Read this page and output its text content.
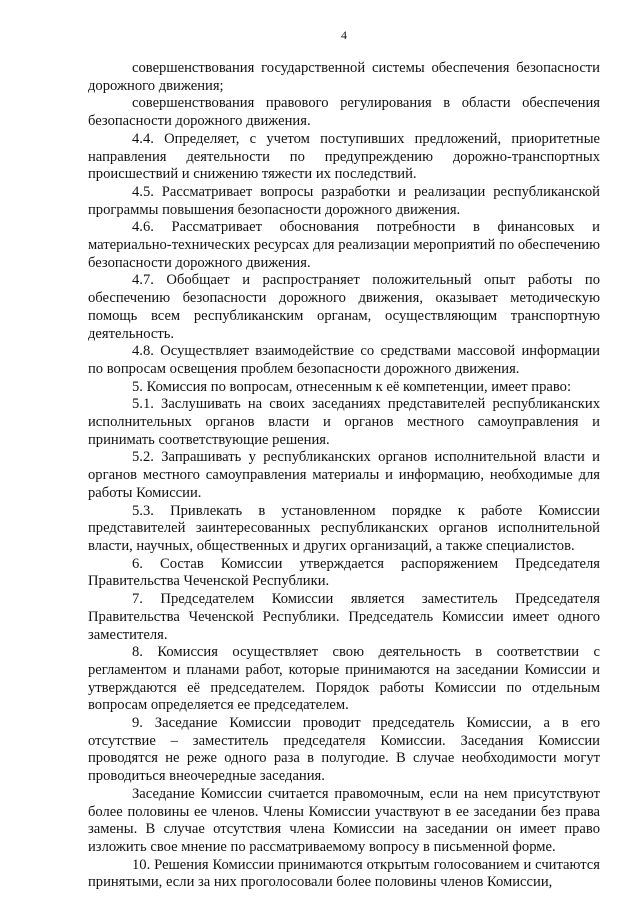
4

совершенствования государственной системы обеспечения безопасности дорожного движения;

совершенствования правового регулирования в области обеспечения безопасности дорожного движения.

4.4. Определяет, с учетом поступивших предложений, приоритетные направления деятельности по предупреждению дорожно-транспортных происшествий и снижению тяжести их последствий.

4.5. Рассматривает вопросы разработки и реализации республиканской программы повышения безопасности дорожного движения.

4.6. Рассматривает обоснования потребности в финансовых и материально-технических ресурсах для реализации мероприятий по обеспечению безопасности дорожного движения.

4.7. Обобщает и распространяет положительный опыт работы по обеспечению безопасности дорожного движения, оказывает методическую помощь всем республиканским органам, осуществляющим транспортную деятельность.

4.8. Осуществляет взаимодействие со средствами массовой информации по вопросам освещения проблем безопасности дорожного движения.

5. Комиссия по вопросам, отнесенным к её компетенции, имеет право:

5.1. Заслушивать на своих заседаниях представителей республиканских исполнительных органов власти и органов местного самоуправления и принимать соответствующие решения.

5.2. Запрашивать у республиканских органов исполнительной власти и органов местного самоуправления материалы и информацию, необходимые для работы Комиссии.

5.3. Привлекать в установленном порядке к работе Комиссии представителей заинтересованных республиканских органов исполнительной власти, научных, общественных и других организаций, а также специалистов.

6. Состав Комиссии утверждается распоряжением Председателя Правительства Чеченской Республики.

7. Председателем Комиссии является заместитель Председателя Правительства Чеченской Республики. Председатель Комиссии имеет одного заместителя.

8. Комиссия осуществляет свою деятельность в соответствии с регламентом и планами работ, которые принимаются на заседании Комиссии и утверждаются её председателем. Порядок работы Комиссии по отдельным вопросам определяется ее председателем.

9. Заседание Комиссии проводит председатель Комиссии, а в его отсутствие – заместитель председателя Комиссии. Заседания Комиссии проводятся не реже одного раза в полугодие. В случае необходимости могут проводиться внеочередные заседания.

Заседание Комиссии считается правомочным, если на нем присутствуют более половины ее членов. Члены Комиссии участвуют в ее заседании без права замены. В случае отсутствия члена Комиссии на заседании он имеет право изложить свое мнение по рассматриваемому вопросу в письменной форме.

10. Решения Комиссии принимаются открытым голосованием и считаются принятыми, если за них проголосовали более половины членов Комиссии,
